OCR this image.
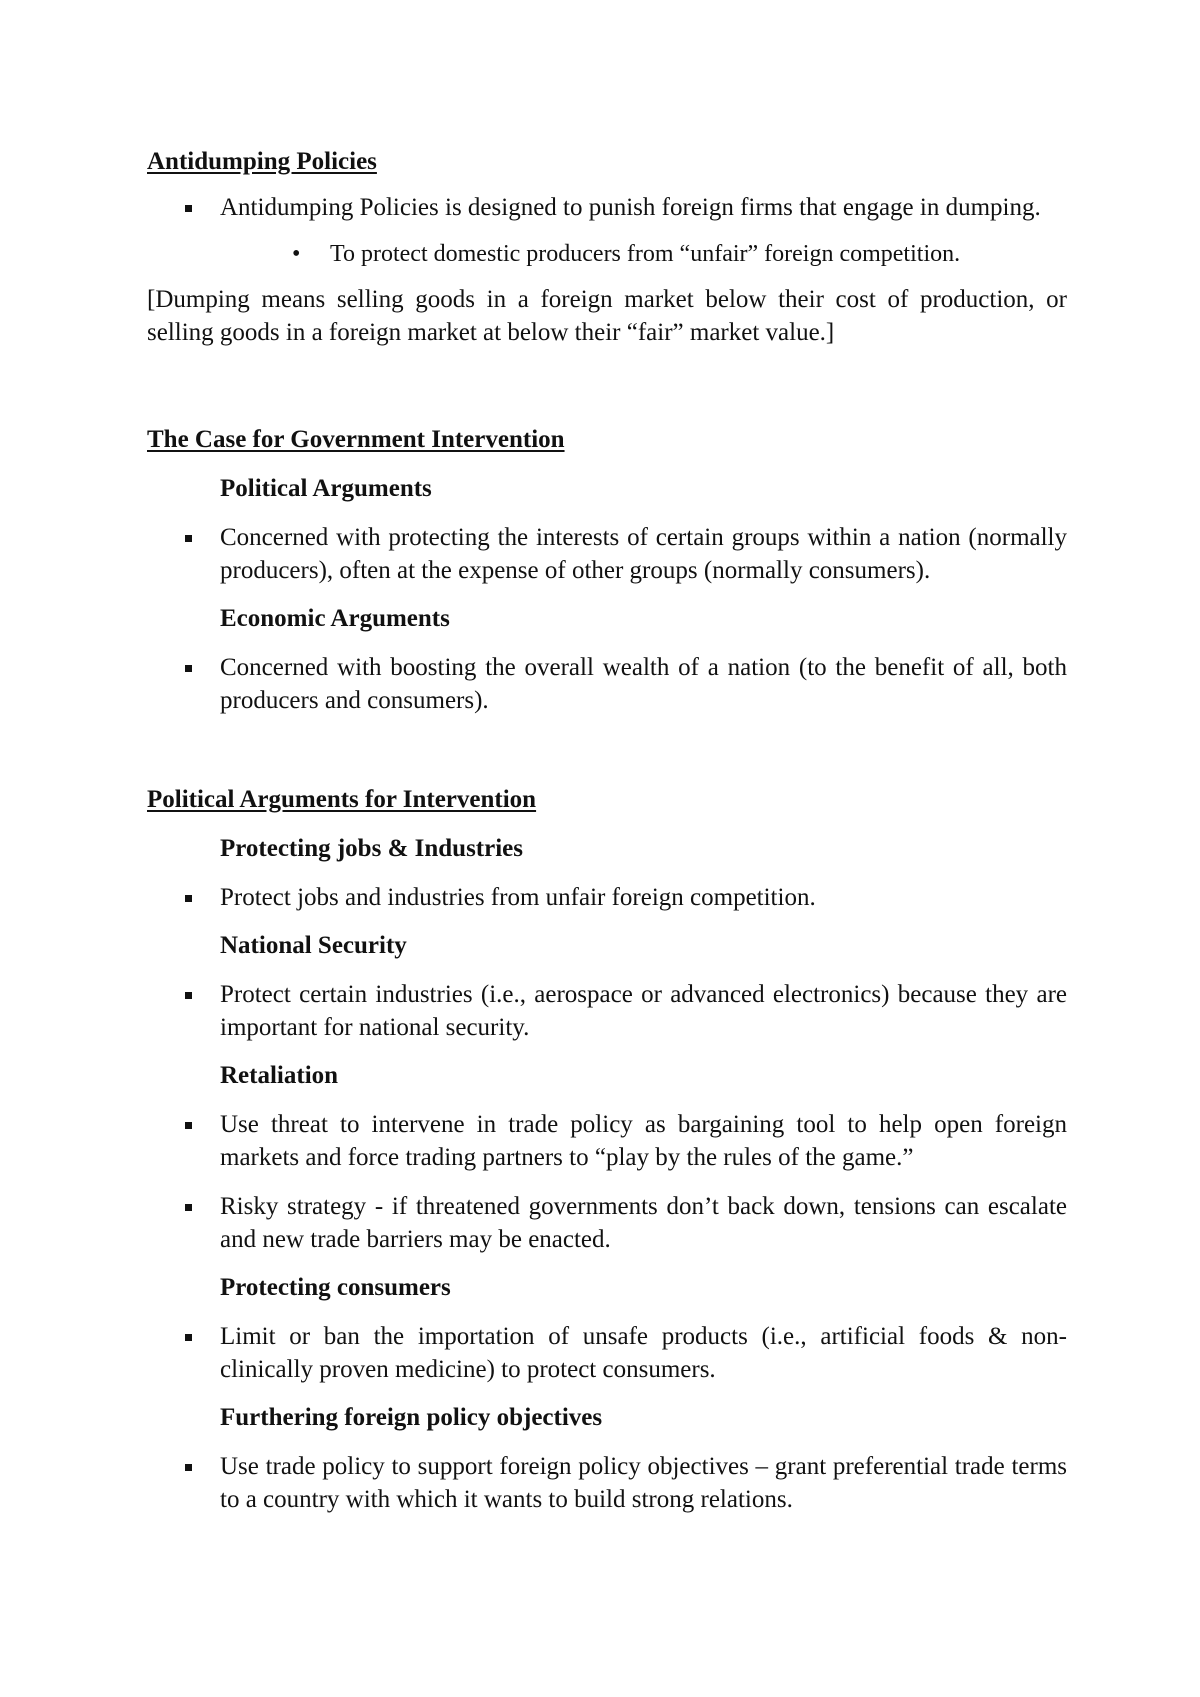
Antidumping Policies

Antidumping Policies is designed to punish foreign firms that engage in dumping.

• To protect domestic producers from “unfair” foreign competition.

[Dumping means selling goods in a foreign market below their cost of production, or selling goods in a foreign market at below their “fair” market value.]

The Case for Government Intervention

Political Arguments

Concerned with protecting the interests of certain groups within a nation (normally producers), often at the expense of other groups (normally consumers).

Economic Arguments

Concerned with boosting the overall wealth of a nation (to the benefit of all, both producers and consumers).

Political Arguments for Intervention

Protecting jobs & Industries

Protect jobs and industries from unfair foreign competition.

National Security

Protect certain industries (i.e., aerospace or advanced electronics) because they are important for national security.

Retaliation

Use threat to intervene in trade policy as bargaining tool to help open foreign markets and force trading partners to “play by the rules of the game.”

Risky strategy - if threatened governments don’t back down, tensions can escalate and new trade barriers may be enacted.

Protecting consumers

Limit or ban the importation of unsafe products (i.e., artificial foods & non-clinically proven medicine) to protect consumers.

Furthering foreign policy objectives

Use trade policy to support foreign policy objectives – grant preferential trade terms to a country with which it wants to build strong relations.
